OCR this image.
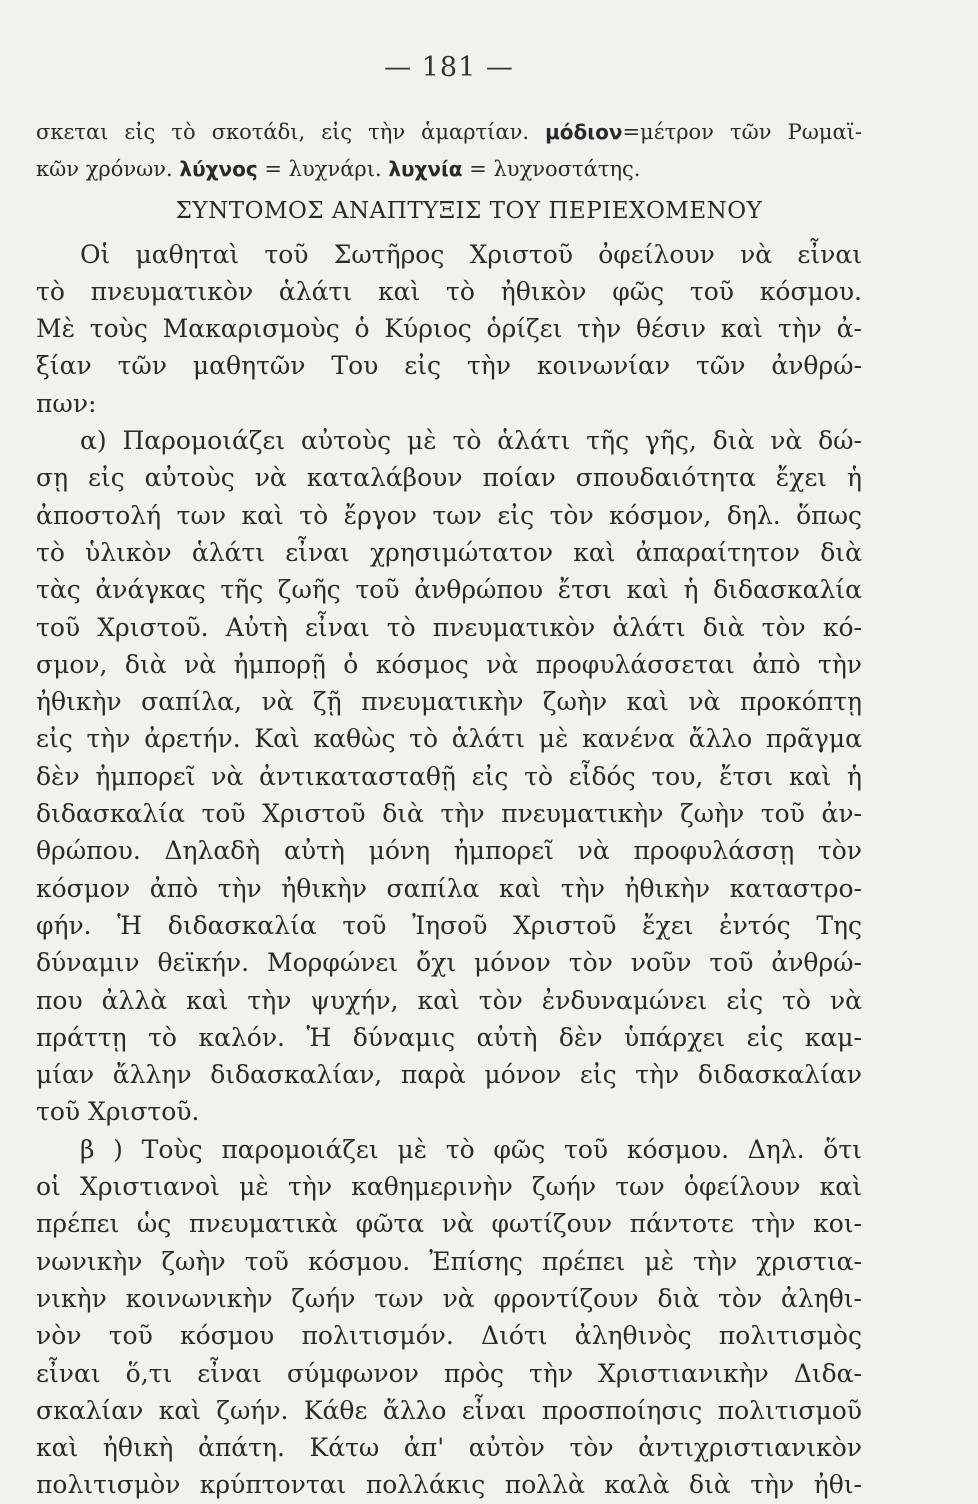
— 181 —
σκεται εἰς τὸ σκοτάδι, εἰς τὴν ἁμαρτίαν. μόδιον=μέτρον τῶν Ρωμαϊ-
κῶν χρόνων. λύχνος = λυχνάρι. λυχνία = λυχνοστάτης.
ΣΥΝΤΟΜΟΣ ΑΝΑΠΤΥΞΙΣ ΤΟΥ ΠΕΡΙΕΧΟΜΕΝΟΥ
Οἱ μαθηταὶ τοῦ Σωτῆρος Χριστοῦ ὀφείλουν νὰ εἶναι
τὸ πνευματικὸν ἁλάτι καὶ τὸ ἠθικὸν φῶς τοῦ κόσμου.
Μὲ τοὺς Μακαρισμοὺς ὁ Κύριος ὁρίζει τὴν θέσιν καὶ τὴν ἀ-
ξίαν τῶν μαθητῶν Του εἰς τὴν κοινωνίαν τῶν ἀνθρώ-
πων:
α) Παρομοιάζει αὐτοὺς μὲ τὸ ἁλάτι τῆς γῆς, διὰ νὰ δώ-
σῃ εἰς αὐτοὺς νὰ καταλάβουν ποίαν σπουδαιότητα ἔχει ἡ
ἀποστολή των καὶ τὸ ἔργον των εἰς τὸν κόσμον, δηλ. ὅπως
τὸ ὑλικὸν ἁλάτι εἶναι χρησιμώτατον καὶ ἀπαραίτητον διὰ
τὰς ἀνάγκας τῆς ζωῆς τοῦ ἀνθρώπου ἔτσι καὶ ἡ διδασκαλία
τοῦ Χριστοῦ. Αὐτὴ εἶναι τὸ πνευματικὸν ἁλάτι διὰ τὸν κό-
σμον, διὰ νὰ ἠμπορῇ ὁ κόσμος νὰ προφυλάσσεται ἀπὸ τὴν
ἠθικὴν σαπίλα, νὰ ζῇ πνευματικὴν ζωὴν καὶ νὰ προκόπτῃ
εἰς τὴν ἀρετήν. Καὶ καθὼς τὸ ἁλάτι μὲ κανένα ἄλλο πρᾶγμα
δὲν ἠμπορεῖ νὰ ἀντικατασταθῇ εἰς τὸ εἶδός του, ἔτσι καὶ ἡ
διδασκαλία τοῦ Χριστοῦ διὰ τὴν πνευματικὴν ζωὴν τοῦ ἀν-
θρώπου. Δηλαδὴ αὐτὴ μόνη ἠμπορεῖ νὰ προφυλάσσῃ τὸν
κόσμον ἀπὸ τὴν ἠθικὴν σαπίλα καὶ τὴν ἠθικὴν καταστρο-
φήν. Ἡ διδασκαλία τοῦ Ἰησοῦ Χριστοῦ ἔχει ἐντός Της
δύναμιν θεϊκήν. Μορφώνει ὄχι μόνον τὸν νοῦν τοῦ ἀνθρώ-
που ἀλλὰ καὶ τὴν ψυχήν, καὶ τὸν ἐνδυναμώνει εἰς τὸ νὰ
πράττῃ τὸ καλόν. Ἡ δύναμις αὐτὴ δὲν ὑπάρχει εἰς καμ-
μίαν ἄλλην διδασκαλίαν, παρὰ μόνον εἰς τὴν διδασκαλίαν
τοῦ Χριστοῦ.
β ) Τοὺς παρομοιάζει μὲ τὸ φῶς τοῦ κόσμου. Δηλ. ὅτι
οἱ Χριστιανοὶ μὲ τὴν καθημερινὴν ζωήν των ὀφείλουν καὶ
πρέπει ὡς πνευματικὰ φῶτα νὰ φωτίζουν πάντοτε τὴν κοι-
νωνικὴν ζωὴν τοῦ κόσμου. Ἐπίσης πρέπει μὲ τὴν χριστια-
νικὴν κοινωνικὴν ζωήν των νὰ φροντίζουν διὰ τὸν ἀληθι-
νὸν τοῦ κόσμου πολιτισμόν. Διότι ἀληθινὸς πολιτισμὸς
εἶναι ὅ,τι εἶναι σύμφωνον πρὸς τὴν Χριστιανικὴν Διδα-
σκαλίαν καὶ ζωήν. Κάθε ἄλλο εἶναι προσποίησις πολιτισμοῦ
καὶ ἠθικὴ ἀπάτη. Κάτω ἀπ' αὐτὸν τὸν ἀντιχριστιανικὸν
πολιτισμὸν κρύπτονται πολλάκις πολλὰ καλὰ διὰ τὴν ἠθι-
